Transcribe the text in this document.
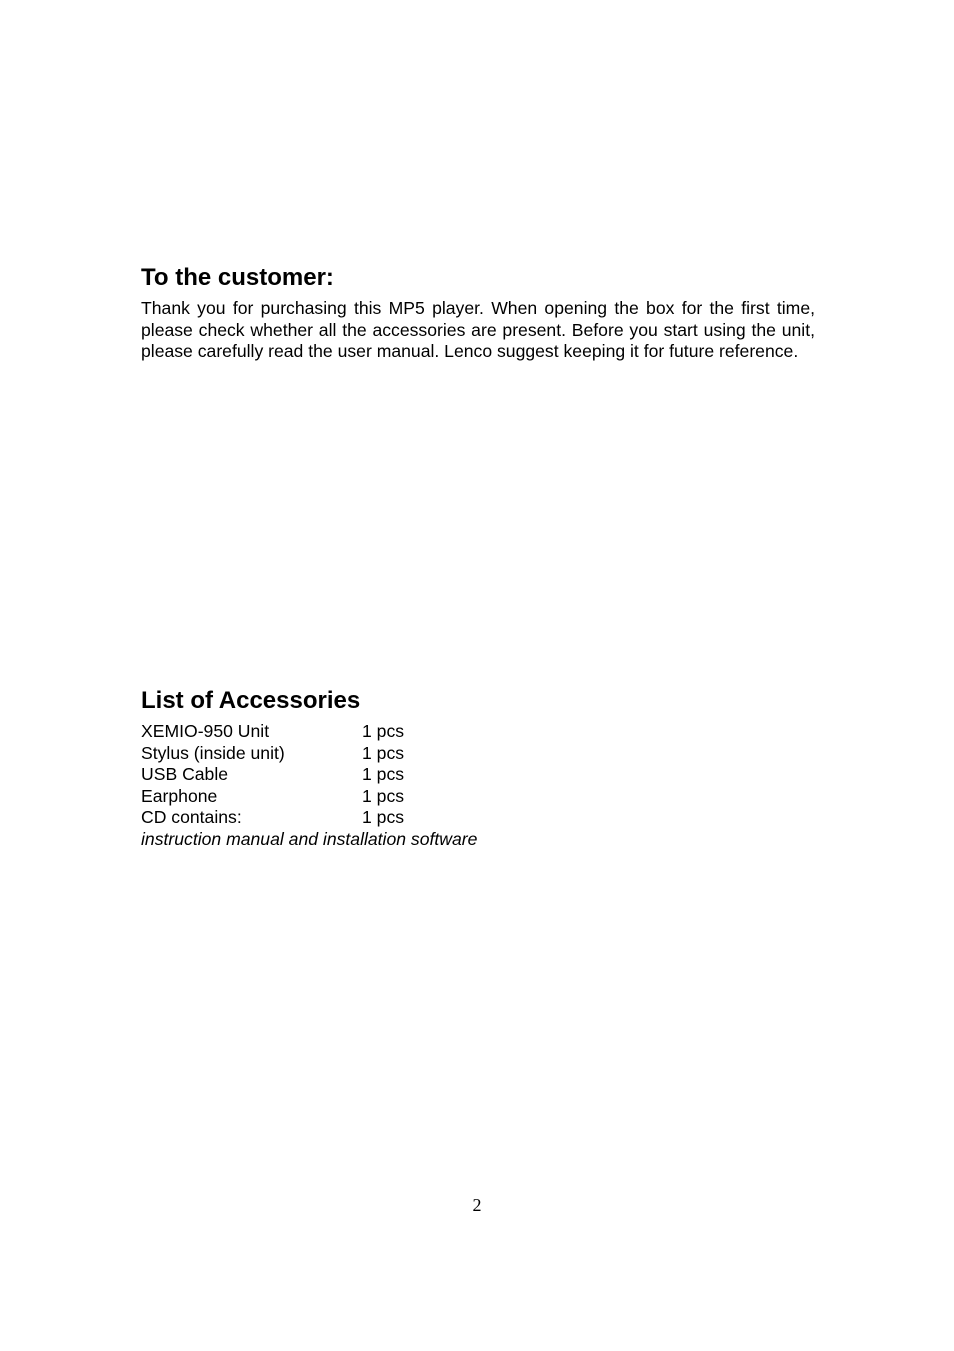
To the customer:

Thank you for purchasing this MP5 player. When opening the box for the first time, please check whether all the accessories are present. Before you start using the unit, please carefully read the user manual. Lenco suggest keeping it for future reference.

List of Accessories
XEMIO-950 Unit	1 pcs
Stylus (inside unit)	1 pcs
USB Cable	1 pcs
Earphone	1 pcs
CD contains:	1 pcs
instruction manual and installation software
2
